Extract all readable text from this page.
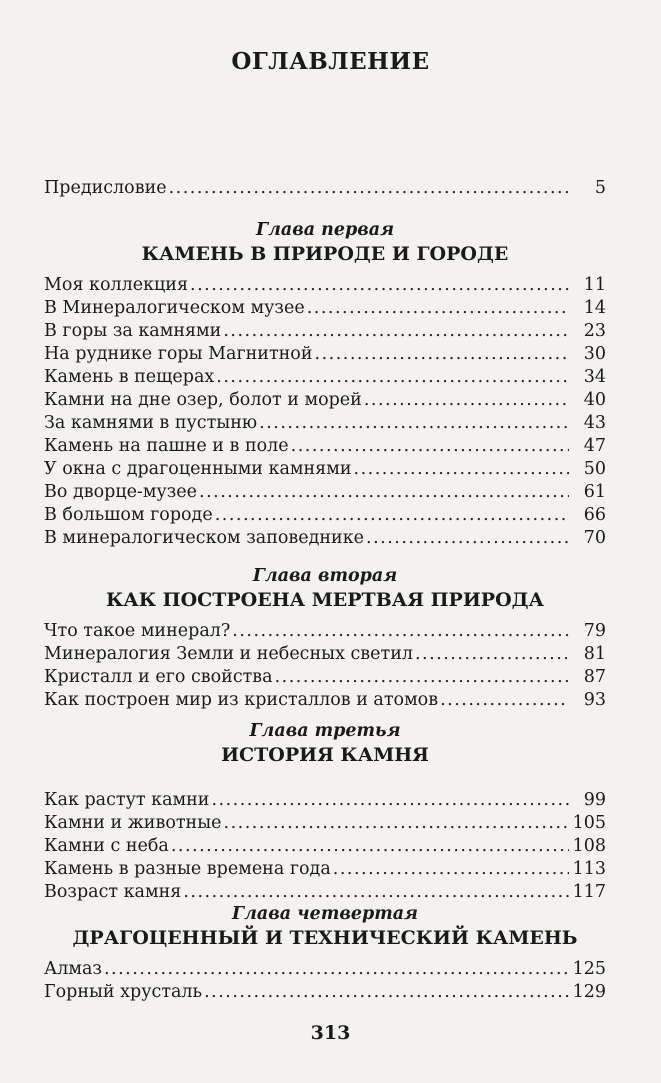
ОГЛАВЛЕНИЕ
Предисловие .....	5
Глава первая
КАМЕНЬ В ПРИРОДЕ И ГОРОДЕ
Моя коллекция .....	11
В Минералогическом музее .....	14
В горы за камнями .....	23
На руднике горы Магнитной .....	30
Камень в пещерах .....	34
Камни на дне озер, болот и морей .....	40
За камнями в пустыню .....	43
Камень на пашне и в поле .....	47
У окна с драгоценными камнями .....	50
Во дворце-музее .....	61
В большом городе .....	66
В минералогическом заповеднике .....	70
Глава вторая
КАК ПОСТРОЕНА МЕРТВАЯ ПРИРОДА
Что такое минерал? .....	79
Минералогия Земли и небесных светил .....	81
Кристалл и его свойства .....	87
Как построен мир из кристаллов и атомов .....	93
Глава третья
ИСТОРИЯ КАМНЯ
Как растут камни .....	99
Камни и животные .....	105
Камни с неба .....	108
Камень в разные времена года .....	113
Возраст камня .....	117
Глава четвертая
ДРАГОЦЕННЫЙ И ТЕХНИЧЕСКИЙ КАМЕНЬ
Алмаз .....	125
Горный хрусталь .....	129
313
